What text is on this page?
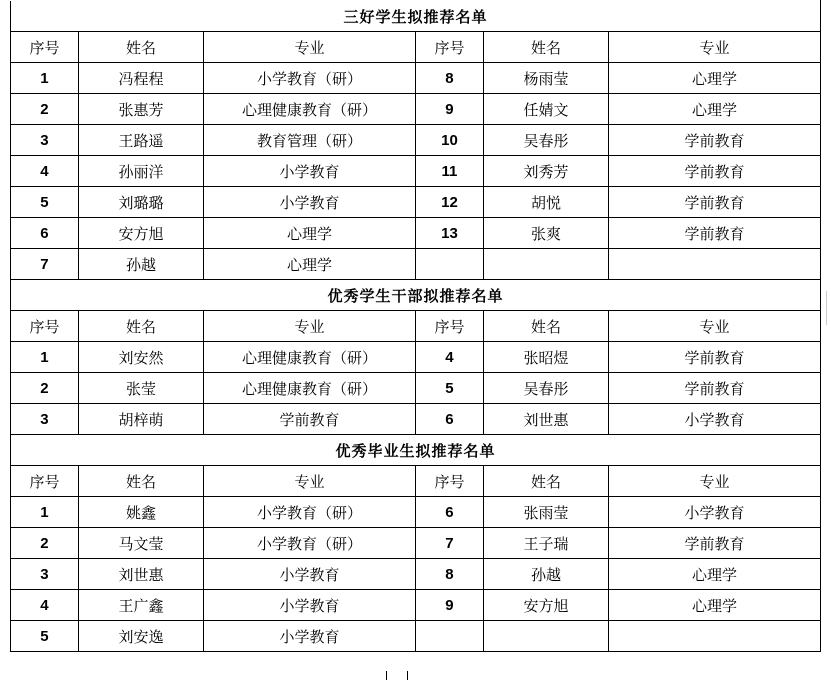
三好学生拟推荐名单					
序号	姓名	专业	序号	姓名	专业
1	冯程程	小学教育（研）	8	杨雨莹	心理学
2	张惠芳	心理健康教育（研）	9	任婧文	心理学
3	王路遥	教育管理（研）	10	吴春彤	学前教育
4	孙丽洋	小学教育	11	刘秀芳	学前教育
5	刘璐璐	小学教育	12	胡悦	学前教育
6	安方旭	心理学	13	张爽	学前教育
7	孙越	心理学			
优秀学生干部拟推荐名单					
序号	姓名	专业	序号	姓名	专业
1	刘安然	心理健康教育（研）	4	张昭煜	学前教育
2	张莹	心理健康教育（研）	5	吴春彤	学前教育
3	胡梓萌	学前教育	6	刘世惠	小学教育
优秀毕业生拟推荐名单					
序号	姓名	专业	序号	姓名	专业
1	姚鑫	小学教育（研）	6	张雨莹	小学教育
2	马文莹	小学教育（研）	7	王子瑞	学前教育
3	刘世惠	小学教育	8	孙越	心理学
4	王广鑫	小学教育	9	安方旭	心理学
5	刘安逸	小学教育			
